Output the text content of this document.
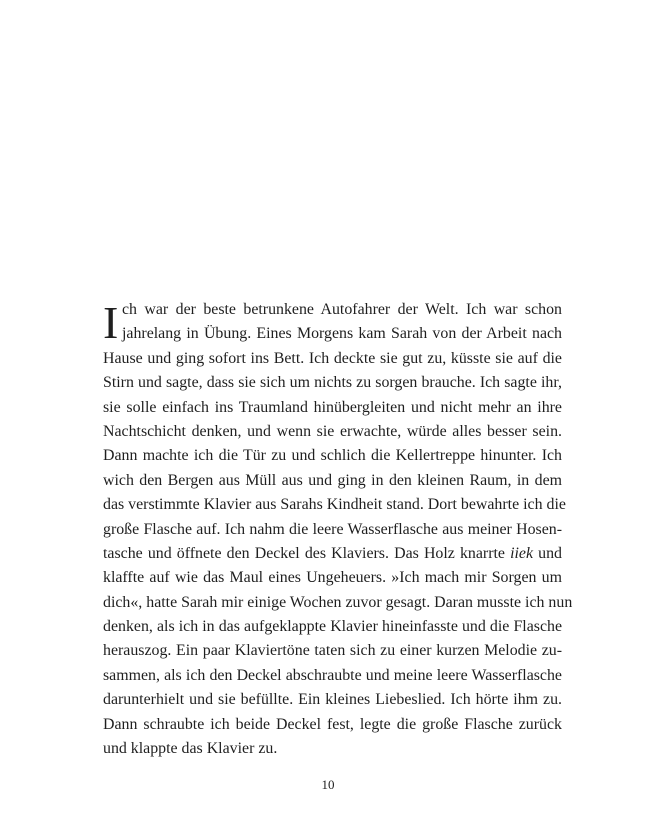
I ch war der beste betrunkene Autofahrer der Welt. Ich war schon
jahrelang in Übung. Eines Morgens kam Sarah von der Arbeit nach
Hause und ging sofort ins Bett. Ich deckte sie gut zu, küsste sie auf die
Stirn und sagte, dass sie sich um nichts zu sorgen brauche. Ich sagte ihr,
sie solle einfach ins Traumland hinübergleiten und nicht mehr an ihre
Nachtschicht denken, und wenn sie erwachte, würde alles besser sein.
Dann machte ich die Tür zu und schlich die Kellertreppe hinunter. Ich
wich den Bergen aus Müll aus und ging in den kleinen Raum, in dem
das verstimmte Klavier aus Sarahs Kindheit stand. Dort bewahrte ich die
große Flasche auf. Ich nahm die leere Wasserflasche aus meiner Hosen-
tasche und öffnete den Deckel des Klaviers. Das Holz knarrte iiek und
klaffte auf wie das Maul eines Ungeheuers. »Ich mach mir Sorgen um
dich«, hatte Sarah mir einige Wochen zuvor gesagt. Daran musste ich nun
denken, als ich in das aufgeklappte Klavier hineinfasste und die Flasche
herauszog. Ein paar Klaviertöne taten sich zu einer kurzen Melodie zu-
sammen, als ich den Deckel abschraubte und meine leere Wasserflasche
darunterhielt und sie befüllte. Ein kleines Liebeslied. Ich hörte ihm zu.
Dann schraubte ich beide Deckel fest, legte die große Flasche zurück
und klappte das Klavier zu.
10
